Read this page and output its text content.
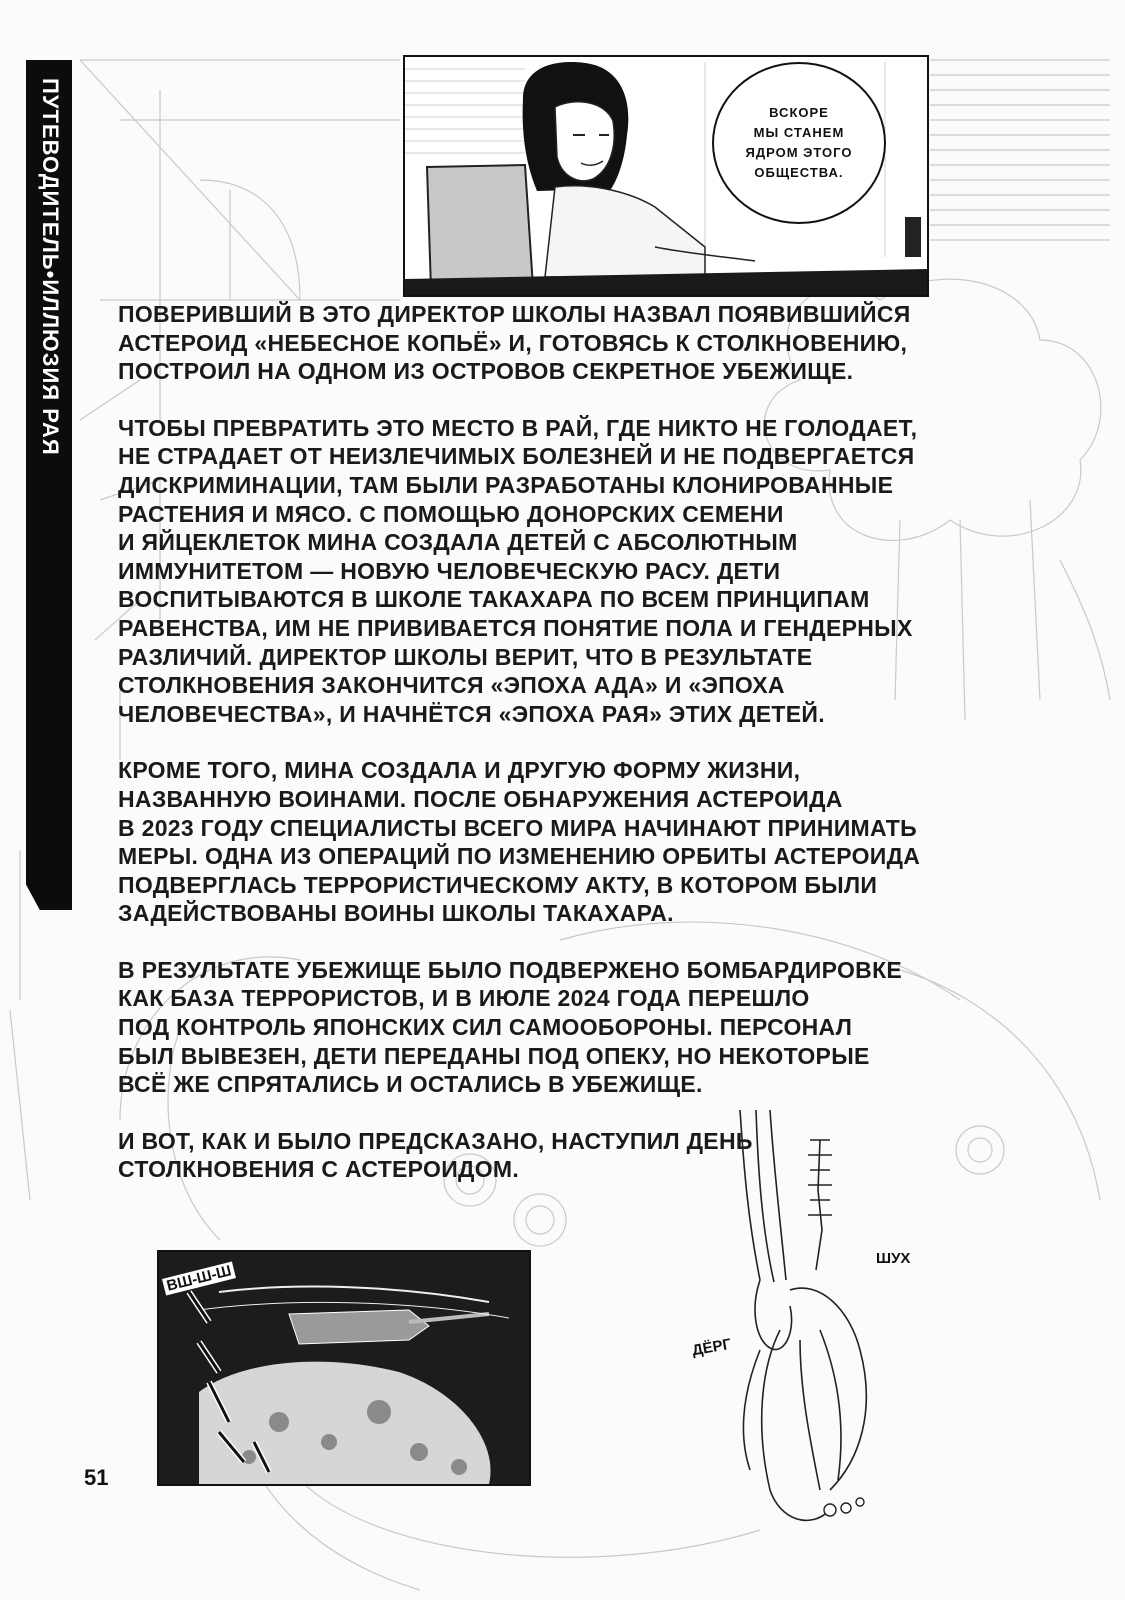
ПУТЕВОДИТЕЛЬ•ИЛЛЮЗИЯ РАЯ	ВСКОРЕ
МЫ СТАНЕМ
ЯДРОМ ЭТОГО
ОБЩЕСТВА.

ПОВЕРИВШИЙ В ЭТО ДИРЕКТОР ШКОЛЫ НАЗВАЛ ПОЯВИВШИЙСЯ
АСТЕРОИД «НЕБЕСНОЕ КОПЬЁ» И, ГОТОВЯСЬ К СТОЛКНОВЕНИЮ,
ПОСТРОИЛ НА ОДНОМ ИЗ ОСТРОВОВ СЕКРЕТНОЕ УБЕЖИЩЕ.

ЧТОБЫ ПРЕВРАТИТЬ ЭТО МЕСТО В РАЙ, ГДЕ НИКТО НЕ ГОЛОДАЕТ,
НЕ СТРАДАЕТ ОТ НЕИЗЛЕЧИМЫХ БОЛЕЗНЕЙ И НЕ ПОДВЕРГАЕТСЯ
ДИСКРИМИНАЦИИ, ТАМ БЫЛИ РАЗРАБОТАНЫ КЛОНИРОВАННЫЕ
РАСТЕНИЯ И МЯСО. С ПОМОЩЬЮ ДОНОРСКИХ СЕМЕНИ
И ЯЙЦЕКЛЕТОК МИНА СОЗДАЛА ДЕТЕЙ С АБСОЛЮТНЫМ
ИММУНИТЕТОМ — НОВУЮ ЧЕЛОВЕЧЕСКУЮ РАСУ. ДЕТИ
ВОСПИТЫВАЮТСЯ В ШКОЛЕ ТАКАХАРА ПО ВСЕМ ПРИНЦИПАМ
РАВЕНСТВА, ИМ НЕ ПРИВИВАЕТСЯ ПОНЯТИЕ ПОЛА И ГЕНДЕРНЫХ
РАЗЛИЧИЙ. ДИРЕКТОР ШКОЛЫ ВЕРИТ, ЧТО В РЕЗУЛЬТАТЕ
СТОЛКНОВЕНИЯ ЗАКОНЧИТСЯ «ЭПОХА АДА» И «ЭПОХА
ЧЕЛОВЕЧЕСТВА», И НАЧНЁТСЯ «ЭПОХА РАЯ» ЭТИХ ДЕТЕЙ.

КРОМЕ ТОГО, МИНА СОЗДАЛА И ДРУГУЮ ФОРМУ ЖИЗНИ,
НАЗВАННУЮ ВОИНАМИ. ПОСЛЕ ОБНАРУЖЕНИЯ АСТЕРОИДА
В 2023 ГОДУ СПЕЦИАЛИСТЫ ВСЕГО МИРА НАЧИНАЮТ ПРИНИМАТЬ
МЕРЫ. ОДНА ИЗ ОПЕРАЦИЙ ПО ИЗМЕНЕНИЮ ОРБИТЫ АСТЕРОИДА
ПОДВЕРГЛАСЬ ТЕРРОРИСТИЧЕСКОМУ АКТУ, В КОТОРОМ БЫЛИ
ЗАДЕЙСТВОВАНЫ ВОИНЫ ШКОЛЫ ТАКАХАРА.

В РЕЗУЛЬТАТЕ УБЕЖИЩЕ БЫЛО ПОДВЕРЖЕНО БОМБАРДИРОВКЕ
КАК БАЗА ТЕРРОРИСТОВ, И В ИЮЛЕ 2024 ГОДА ПЕРЕШЛО
ПОД КОНТРОЛЬ ЯПОНСКИХ СИЛ САМООБОРОНЫ. ПЕРСОНАЛ
БЫЛ ВЫВЕЗЕН, ДЕТИ ПЕРЕДАНЫ ПОД ОПЕКУ, НО НЕКОТОРЫЕ
ВСЁ ЖЕ СПРЯТАЛИСЬ И ОСТАЛИСЬ В УБЕЖИЩЕ.

И ВОТ, КАК И БЫЛО ПРЕДСКАЗАНО, НАСТУПИЛ ДЕНЬ
СТОЛКНОВЕНИЯ С АСТЕРОИДОМ.

ВШ-Ш-Ш
ШУХ
ДЁРГ
51
